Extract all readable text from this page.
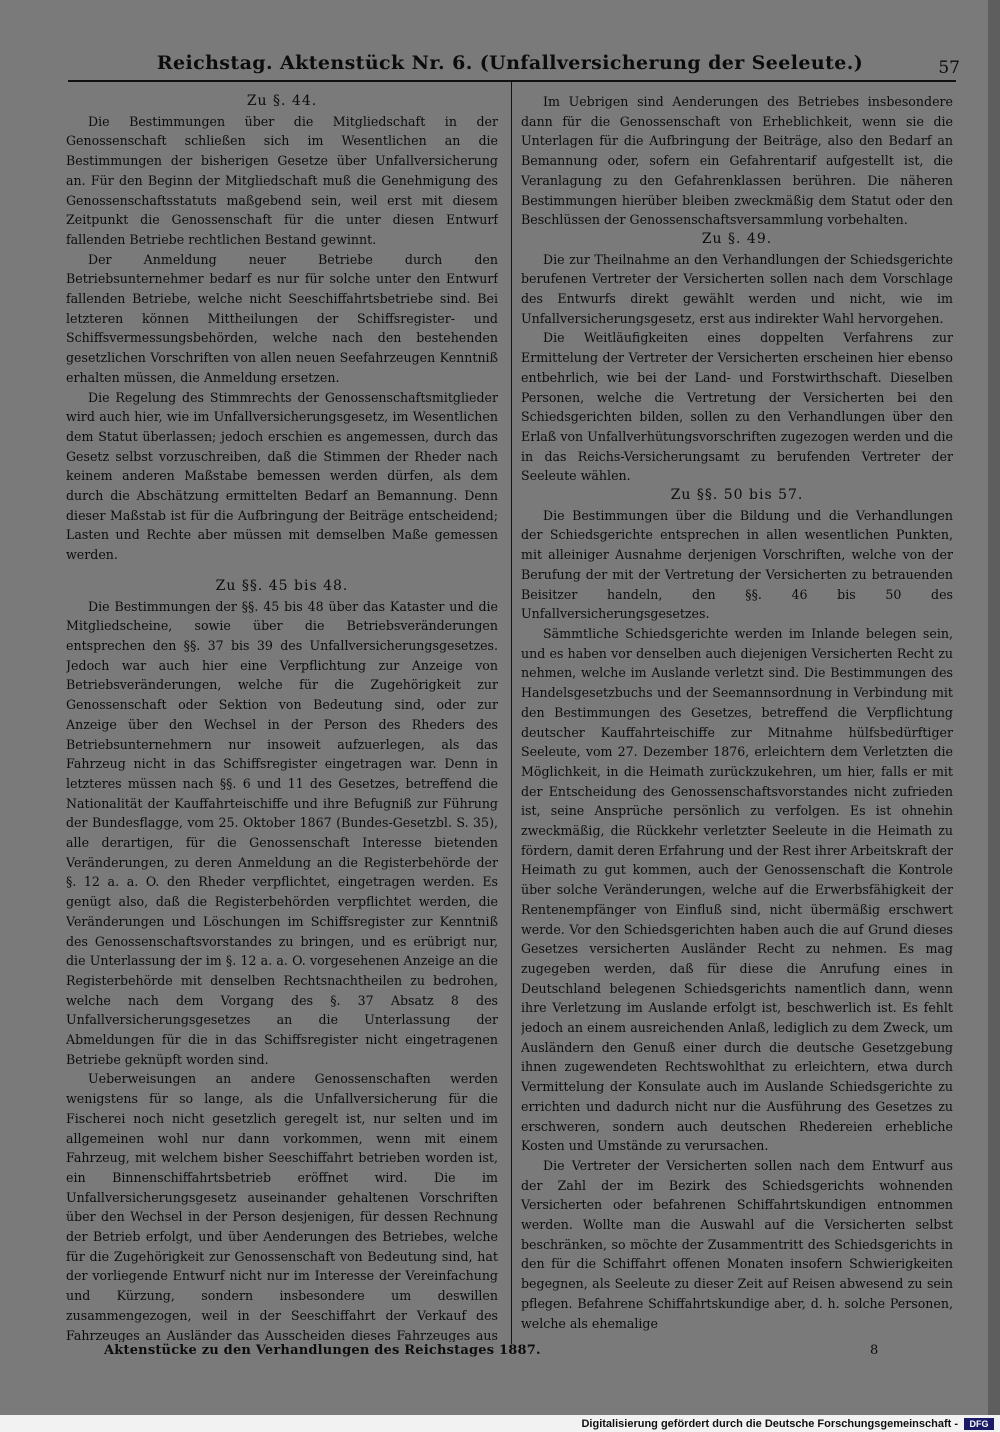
Reichstag. Aktenstück Nr. 6. (Unfallversicherung der Seeleute.)	57
Zu §. 44.

Die Bestimmungen über die Mitgliedschaft in der Genossenschaft schließen sich im Wesentlichen an die Bestimmungen der bisherigen Gesetze über Unfallversicherung an. Für den Beginn der Mitgliedschaft muß die Genehmigung des Genossenschaftsstatuts maßgebend sein, weil erst mit diesem Zeitpunkt die Genossenschaft für die unter diesen Entwurf fallenden Betriebe rechtlichen Bestand gewinnt.

Der Anmeldung neuer Betriebe durch den Betriebsunternehmer bedarf es nur für solche unter den Entwurf fallenden Betriebe, welche nicht Seeschiffahrtsbetriebe sind. Bei letzteren können Mittheilungen der Schiffsregister- und Schiffsvermessungsbehörden, welche nach den bestehenden gesetzlichen Vorschriften von allen neuen Seefahrzeugen Kenntniß erhalten müssen, die Anmeldung ersetzen.

Die Regelung des Stimmrechts der Genossenschaftsmitglieder wird auch hier, wie im Unfallversicherungsgesetz, im Wesentlichen dem Statut überlassen; jedoch erschien es angemessen, durch das Gesetz selbst vorzuschreiben, daß die Stimmen der Rheder nach keinem anderen Maßstabe bemessen werden dürfen, als dem durch die Abschätzung ermittelten Bedarf an Bemannung. Denn dieser Maßstab ist für die Aufbringung der Beiträge entscheidend; Lasten und Rechte aber müssen mit demselben Maße gemessen werden.

Zu §§. 45 bis 48.

Die Bestimmungen der §§. 45 bis 48 über das Kataster und die Mitgliedscheine, sowie über die Betriebsveränderungen entsprechen den §§. 37 bis 39 des Unfallversicherungsgesetzes. Jedoch war auch hier eine Verpflichtung zur Anzeige von Betriebsveränderungen, welche für die Zugehörigkeit zur Genossenschaft oder Sektion von Bedeutung sind, oder zur Anzeige über den Wechsel in der Person des Rheders des Betriebsunternehmern nur insoweit aufzuerlegen, als das Fahrzeug nicht in das Schiffsregister eingetragen war. Denn in letzteres müssen nach §§. 6 und 11 des Gesetzes, betreffend die Nationalität der Kauffahrteischiffe und ihre Befugniß zur Führung der Bundesflagge, vom 25. Oktober 1867 (Bundes-Gesetzbl. S. 35), alle derartigen, für die Genossenschaft Interesse bietenden Veränderungen, zu deren Anmeldung an die Registerbehörde der §. 12 a. a. O. den Rheder verpflichtet, eingetragen werden. Es genügt also, daß die Registerbehörden verpflichtet werden, die Veränderungen und Löschungen im Schiffsregister zur Kenntniß des Genossenschaftsvorstandes zu bringen, und es erübrigt nur, die Unterlassung der im §. 12 a. a. O. vorgesehenen Anzeige an die Registerbehörde mit denselben Rechtsnachtheilen zu bedrohen, welche nach dem Vorgang des §. 37 Absatz 8 des Unfallversicherungsgesetzes an die Unterlassung der Abmeldungen für die in das Schiffsregister nicht eingetragenen Betriebe geknüpft worden sind.

Ueberweisungen an andere Genossenschaften werden wenigstens für so lange, als die Unfallversicherung für die Fischerei noch nicht gesetzlich geregelt ist, nur selten und im allgemeinen wohl nur dann vorkommen, wenn mit einem Fahrzeug, mit welchem bisher Seeschiffahrt betrieben worden ist, ein Binnenschiffahrtsbetrieb eröffnet wird. Die im Unfallversicherungsgesetz auseinander gehaltenen Vorschriften über den Wechsel in der Person desjenigen, für dessen Rechnung der Betrieb erfolgt, und über Aenderungen des Betriebes, welche für die Zugehörigkeit zur Genossenschaft von Bedeutung sind, hat der vorliegende Entwurf nicht nur im Interesse der Vereinfachung und Kürzung, sondern insbesondere um deswillen zusammengezogen, weil in der Seeschiffahrt der Verkauf des Fahrzeuges an Ausländer das Ausscheiden dieses Fahrzeuges aus

Im Uebrigen sind Aenderungen des Betriebes insbesondere dann für die Genossenschaft von Erheblichkeit, wenn sie die Unterlagen für die Aufbringung der Beiträge, also den Bedarf an Bemannung oder, sofern ein Gefahrentarif aufgestellt ist, die Veranlagung zu den Gefahrenklassen berühren. Die näheren Bestimmungen hierüber bleiben zweckmäßig dem Statut oder den Beschlüssen der Genossenschaftsversammlung vorbehalten.

Zu §. 49.

Die zur Theilnahme an den Verhandlungen der Schiedsgerichte berufenen Vertreter der Versicherten sollen nach dem Vorschlage des Entwurfs direkt gewählt werden und nicht, wie im Unfallversicherungsgesetz, erst aus indirekter Wahl hervorgehen.

Die Weitläufigkeiten eines doppelten Verfahrens zur Ermittelung der Vertreter der Versicherten erscheinen hier ebenso entbehrlich, wie bei der Land- und Forstwirthschaft. Dieselben Personen, welche die Vertretung der Versicherten bei den Schiedsgerichten bilden, sollen zu den Verhandlungen über den Erlaß von Unfallverhütungsvorschriften zugezogen werden und die in das Reichs-Versicherungsamt zu berufenden Vertreter der Seeleute wählen.

Zu §§. 50 bis 57.

Die Bestimmungen über die Bildung und die Verhandlungen der Schiedsgerichte entsprechen in allen wesentlichen Punkten, mit alleiniger Ausnahme derjenigen Vorschriften, welche von der Berufung der mit der Vertretung der Versicherten zu betrauenden Beisitzer handeln, den §§. 46 bis 50 des Unfallversicherungsgesetzes.

Sämmtliche Schiedsgerichte werden im Inlande belegen sein, und es haben vor denselben auch diejenigen Versicherten Recht zu nehmen, welche im Auslande verletzt sind. Die Bestimmungen des Handelsgesetzbuchs und der Seemannsordnung in Verbindung mit den Bestimmungen des Gesetzes, betreffend die Verpflichtung deutscher Kauffahrteischiffe zur Mitnahme hülfsbedürftiger Seeleute, vom 27. Dezember 1876, erleichtern dem Verletzten die Möglichkeit, in die Heimath zurückzukehren, um hier, falls er mit der Entscheidung des Genossenschaftsvorstandes nicht zufrieden ist, seine Ansprüche persönlich zu verfolgen. Es ist ohnehin zweckmäßig, die Rückkehr verletzter Seeleute in die Heimath zu fördern, damit deren Erfahrung und der Rest ihrer Arbeitskraft der Heimath zu gut kommen, auch der Genossenschaft die Kontrole über solche Veränderungen, welche auf die Erwerbsfähigkeit der Rentenempfänger von Einfluß sind, nicht übermäßig erschwert werde. Vor den Schiedsgerichten haben auch die auf Grund dieses Gesetzes versicherten Ausländer Recht zu nehmen. Es mag zugegeben werden, daß für diese die Anrufung eines in Deutschland belegenen Schiedsgerichts namentlich dann, wenn ihre Verletzung im Auslande erfolgt ist, beschwerlich ist. Es fehlt jedoch an einem ausreichenden Anlaß, lediglich zu dem Zweck, um Ausländern den Genuß einer durch die deutsche Gesetzgebung ihnen zugewendeten Rechtswohlthat zu erleichtern, etwa durch Vermittelung der Konsulate auch im Auslande Schiedsgerichte zu errichten und dadurch nicht nur die Ausführung des Gesetzes zu erschweren, sondern auch deutschen Rhedereien erhebliche Kosten und Umstände zu verursachen.

Die Vertreter der Versicherten sollen nach dem Entwurf aus der Zahl der im Bezirk des Schiedsgerichts wohnenden Versicherten oder befahrenen Schiffahrtskundigen entnommen werden. Wollte man die Auswahl auf die Versicherten selbst beschränken, so möchte der Zusammentritt des Schiedsgerichts in den für die Schiffahrt offenen Monaten insofern Schwierigkeiten begegnen, als Seeleute zu dieser Zeit auf Reisen abwesend zu sein pflegen. Befahrene Schiffahrtskundige aber, d. h. solche Personen, welche als ehemalige

Aktenstücke zu den Verhandlungen des Reichstages 1887.	8
Digitalisierung gefördert durch die Deutsche Forschungsgemeinschaft -	DFG
